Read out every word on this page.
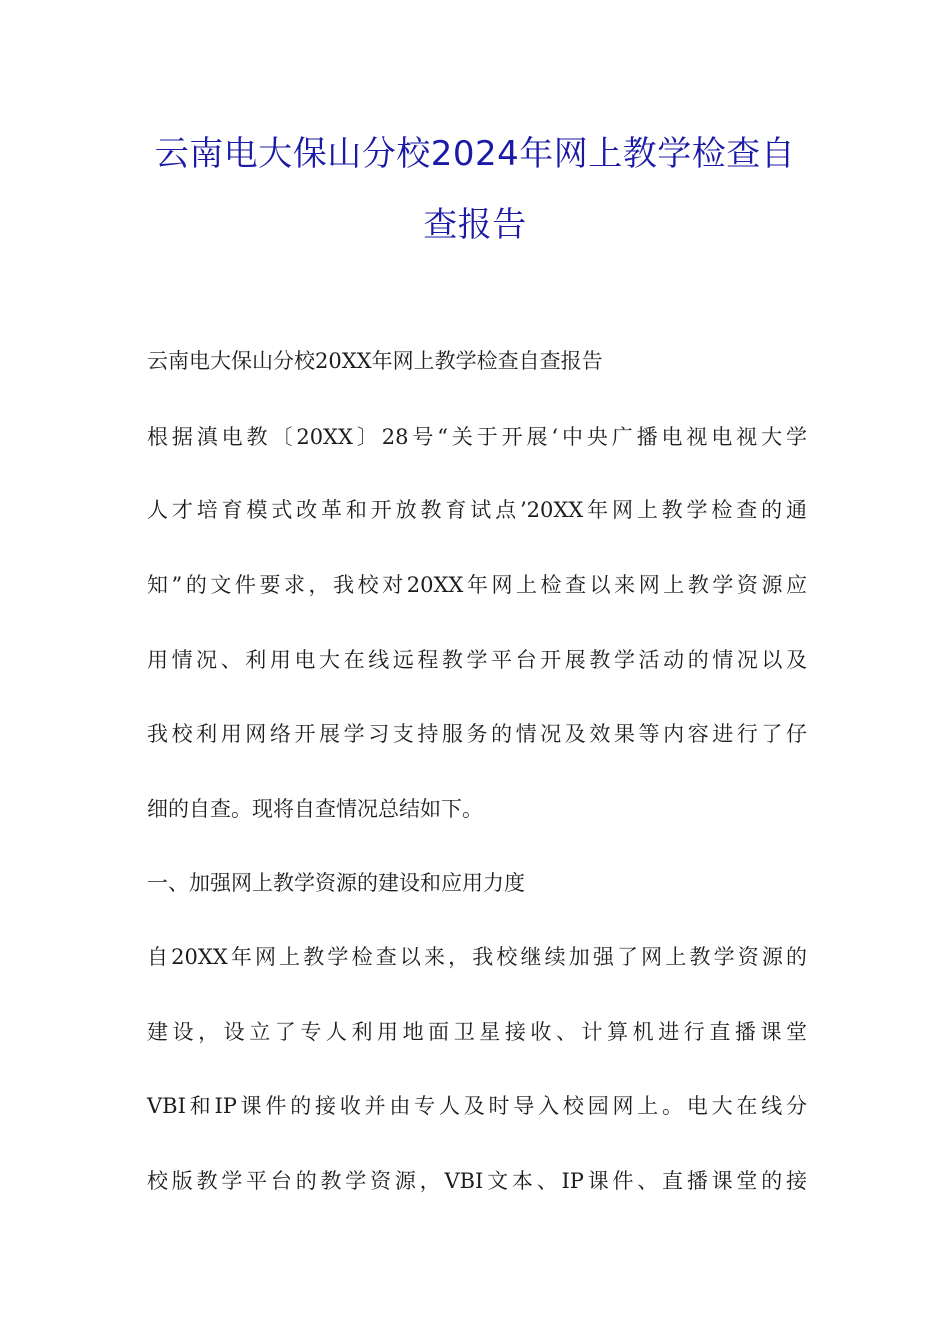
云南电大保山分校2024年网上教学检查自
查报告
云南电大保山分校20XX年网上教学检查自查报告
根据滇电教〔20XX〕28号“关于开展‘中央广播电视电视大学
人才培育模式改革和开放教育试点’20XX年网上教学检查的通
知”的文件要求，我校对20XX年网上检查以来网上教学资源应
用情况、利用电大在线远程教学平台开展教学活动的情况以及
我校利用网络开展学习支持服务的情况及效果等内容进行了仔
细的自查。现将自查情况总结如下。
一、加强网上教学资源的建设和应用力度
自20XX年网上教学检查以来，我校继续加强了网上教学资源的
建设，设立了专人利用地面卫星接收、计算机进行直播课堂
VBI和IP课件的接收并由专人及时导入校园网上。电大在线分
校版教学平台的教学资源，VBI文本、IP课件、直播课堂的接
